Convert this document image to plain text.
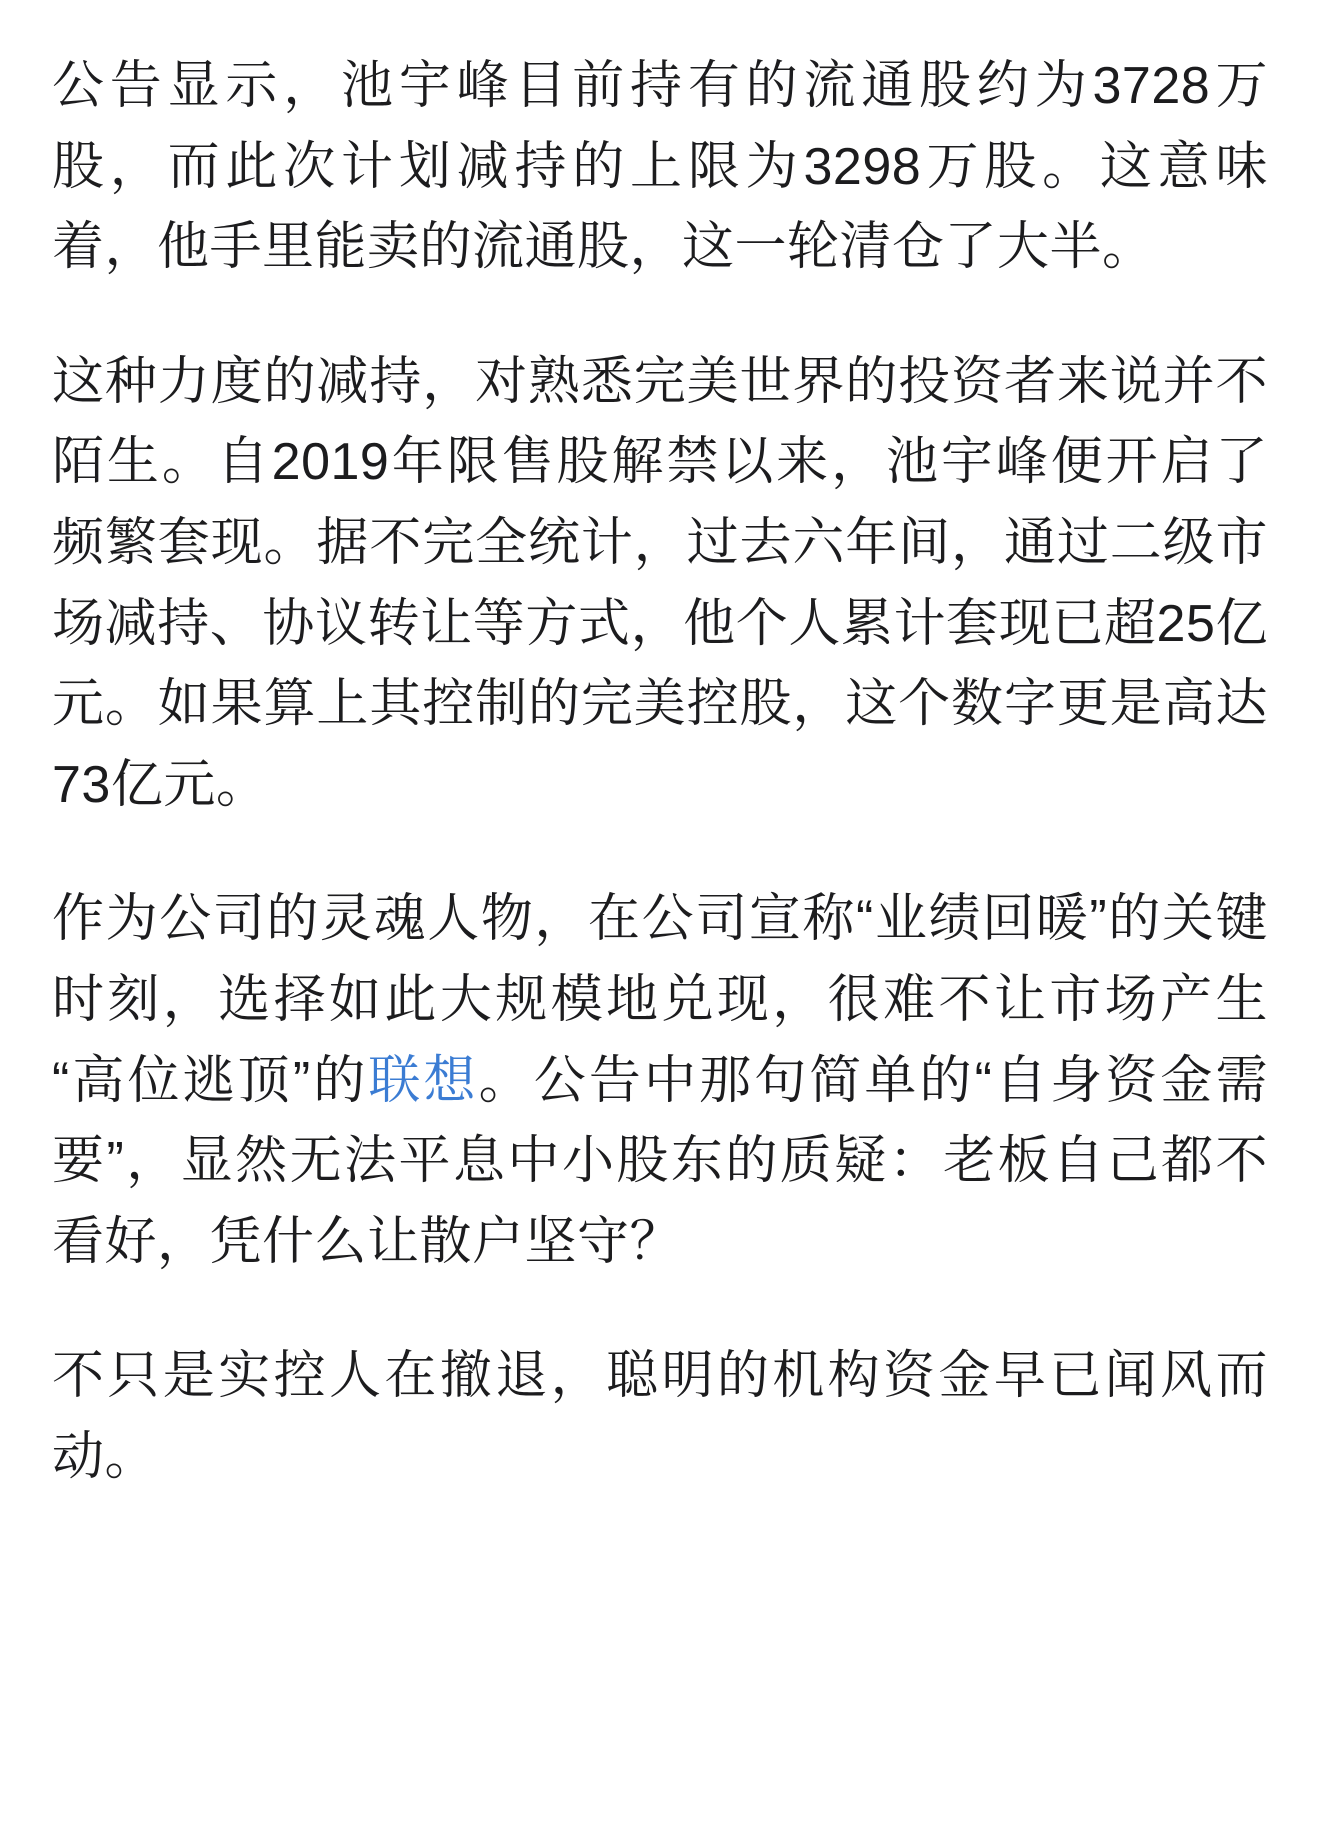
公告显示，池宇峰目前持有的流通股约为3728万股，而此次计划减持的上限为3298万股。这意味着，他手里能卖的流通股，这一轮清仓了大半。

这种力度的减持，对熟悉完美世界的投资者来说并不陌生。自2019年限售股解禁以来，池宇峰便开启了频繁套现。据不完全统计，过去六年间，通过二级市场减持、协议转让等方式，他个人累计套现已超25亿元。如果算上其控制的完美控股，这个数字更是高达73亿元。

作为公司的灵魂人物，在公司宣称“业绩回暖”的关键时刻，选择如此大规模地兑现，很难不让市场产生“高位逃顶”的联想。公告中那句简单的“自身资金需要”，显然无法平息中小股东的质疑：老板自己都不看好，凭什么让散户坚守？

不只是实控人在撤退，聪明的机构资金早已闻风而动。
